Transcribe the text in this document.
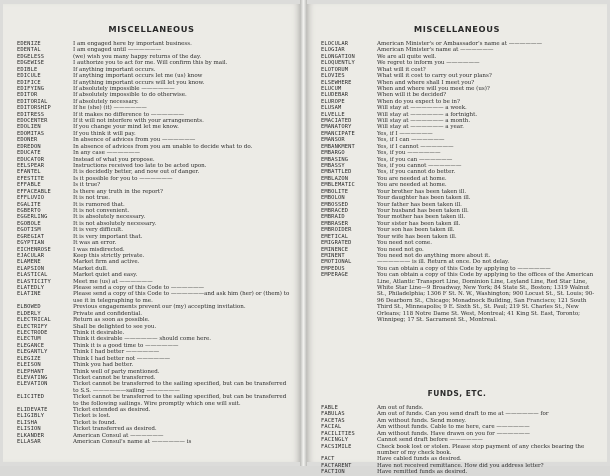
MISCELLANEOUS
EDENIZE	I am engaged here by important business.
EDENTAL	I am engaged until ——————
EDGELESS	(we) wish you many happy returns of the day.
EDGEWISE	I authorize you to act for me. Will confirm this by mail.
EDIBLE	If anything important occurs.
EDICULE	If anything important occurs let me (us) know
EDIFICE	If anything important occurs will let you know.
EDIFYING	If absolutely impossible ——————
EDITOR	If absolutely impossible to do otherwise.
EDITORIAL	If absolutely necessary.
EDITORSHIP	If he (she) (it) ——————
EDITRESS	If it makes no difference to ——————
EDOCENTER	If it will not interfere with your arrangements.
EDOLIEN	If you change your mind let me know.
EDOMITAS	If you think it will pay.
EDONER	In absence of advices from you ——————
EDREDON	In absence of advices from you am unable to decide what to do.
EDUCATE	In any case ——————
EDUCATOR	Instead of what you propose.
EELSPEAR	Instructions received too late to be acted upon.
EFANTEL	It is decidedly better, and now out of danger.
EFESTITE	Is it possible for you to ——————
EFFABLE	Is it true?
EFFACEABLE	Is there any truth in the report?
EFFLUVIO	It is not true.
EGALITE	It is rumored that.
EGBERTO	It is not convenient.
EGGERLING	It is absolutely necessary.
EGOBOLE	It is not absolutely necessary.
EGOTISM	It is very difficult.
EGREGIAT	It is very important that.
EGYPTIAN	It was an error.
EICHENROSE	I was misdirected.
EJACULAR	Keep this strictly private.
ELAMENE	Market firm and active.
ELAPSION	Market dull.
ELASTICAL	Market quiet and easy.
ELASTICITY	Meet me (us) at ——————
ELATEDLY	Please send a copy of this Code to ——————
ELATINE	Please send a copy of this Code to ——————and ask him (her) or (them) to use it in telegraphing to me.
ELBOWED	Previous engagements prevent our (my) accepting invitation.
ELDERLY	Private and confidential.
ELECTRICAL	Return as soon as possible.
ELECTRIFY	Shall be delighted to see you.
ELECTRODE	Think it desirable.
ELECTUM	Think it desirable —————— should come here.
ELEGANCE	Think it is a good time to ——————
ELEGANTLY	Think I had better ——————
ELEGIZE	Think I had better not ——————
ELEISON	Think you had better.
ELEPHANT	Think well of party mentioned.
ELEVATING	Ticket cannot be transferred.
ELEVATION	Ticket cannot be transferred to the sailing specified, but can be transferred to S.S. ——————sailing ——————
ELICITED	Ticket cannot be transferred to the sailing specified, but can be transferred to the following sailings. Wire promptly which one will suit.
ELIDEVATE	Ticket extended as desired.
ELIGIBLY	Ticket is lost.
ELISHA	Ticket is found.
ELISION	Ticket transferred as desired.
ELKANDER	American Consul at ——————
ELLASAR	American Consul's name at —————— is
MISCELLANEOUS
ELOCULAR	American Minister's or Ambassador's name at ——————
ELOGIAR	American Minister's name at ——————
ELONGATION	We are all quite well.
ELOQUENTLY	We regret to inform you ——————
ELOTORUM	What will it cost?
ELOVIES	What will it cost to carry out your plans?
ELSEWHERE	When and where shall I meet you?
ELUCUM	When and where will you meet me (us)?
ELUDEBAR	When will it be decided?
ELUROPE	When do you expect to be in?
ELUSAM	Will stay at —————— a week.
ELVELLE	Will stay at —————— a fortnight.
EMACIATED	Will stay at —————— a month.
EMANATORY	Will stay at —————— a year.
EMANCIPATE	Yes, if I ——————
EMANSOR	Yes, if I can ——————
EMBANKMENT	Yes, if I cannot ——————
EMBARGO	Yes, if you ——————
EMBASING	Yes, if you can ——————
EMBASSY	Yes, if you cannot ——————
EMBATTLED	Yes, if you cannot do better.
EMBLAZON	You are needed at home.
EMBLEMATIC	You are needed at home.
EMBOLITE	Your brother has been taken ill.
EMBOLON	Your daughter has been taken ill.
EMBOSSED	Your father has been taken ill.
EMBRACED	Your husband has been taken ill.
EMBRAID	Your mother has been taken ill.
EMBRASER	Your sister has been taken ill.
EMBROIDER	Your son has been taken ill.
EMETICAL	Your wife has been taken ill.
EMIGRATED	You need not come.
EMINENCE	You need not go.
EMINENT	You need not do anything more about it.
EMOTIONAL	—————— is ill. Return at once. Do not delay.
EMPEDUS	You can obtain a copy of this Code by applying to ——————
EMPERAGE	You can obtain a copy of this Code by applying to the offices of the American Line, Atlantic Transport Line, Dominion Line, Leyland Line, Red Star Line, White Star Line—9 Broadway, New York; 84 State St., Boston; 1319 Walnut St., Philadelphia; 1306 F St. N. W., Washington; 900 Locust St., St. Louis; 90-96 Dearborn St., Chicago; Monadnock Building, San Francisco; 121 South Third St., Minneapolis; 9 E. Sixth St., St. Paul; 219 St. Charles St., New Orleans; 118 Notre Dame St. West, Montreal; 41 King St. East, Toronto; Winnipeg; 17 St. Sacrament St., Montreal.
FUNDS, ETC.
FABLE	Am out of funds.
FABULAS	Am out of funds. Can you send draft to me at —————— for
FACETAS	Am without funds. Send money.
FACIAL	Am without funds. Cable to me here, care ——————
FACILITIES	Am without funds. Have drawn on you for ——————
FACINGLY	Cannot send draft before ——————
FACSIMILE	Check book lost or stolen. Please stop payment of any checks bearing the number of my check book.
FACT	Have cabled funds as desired.
FACTARENT	Have not received remittance. How did you address letter?
FACTION	Have remitted funds as desired.
